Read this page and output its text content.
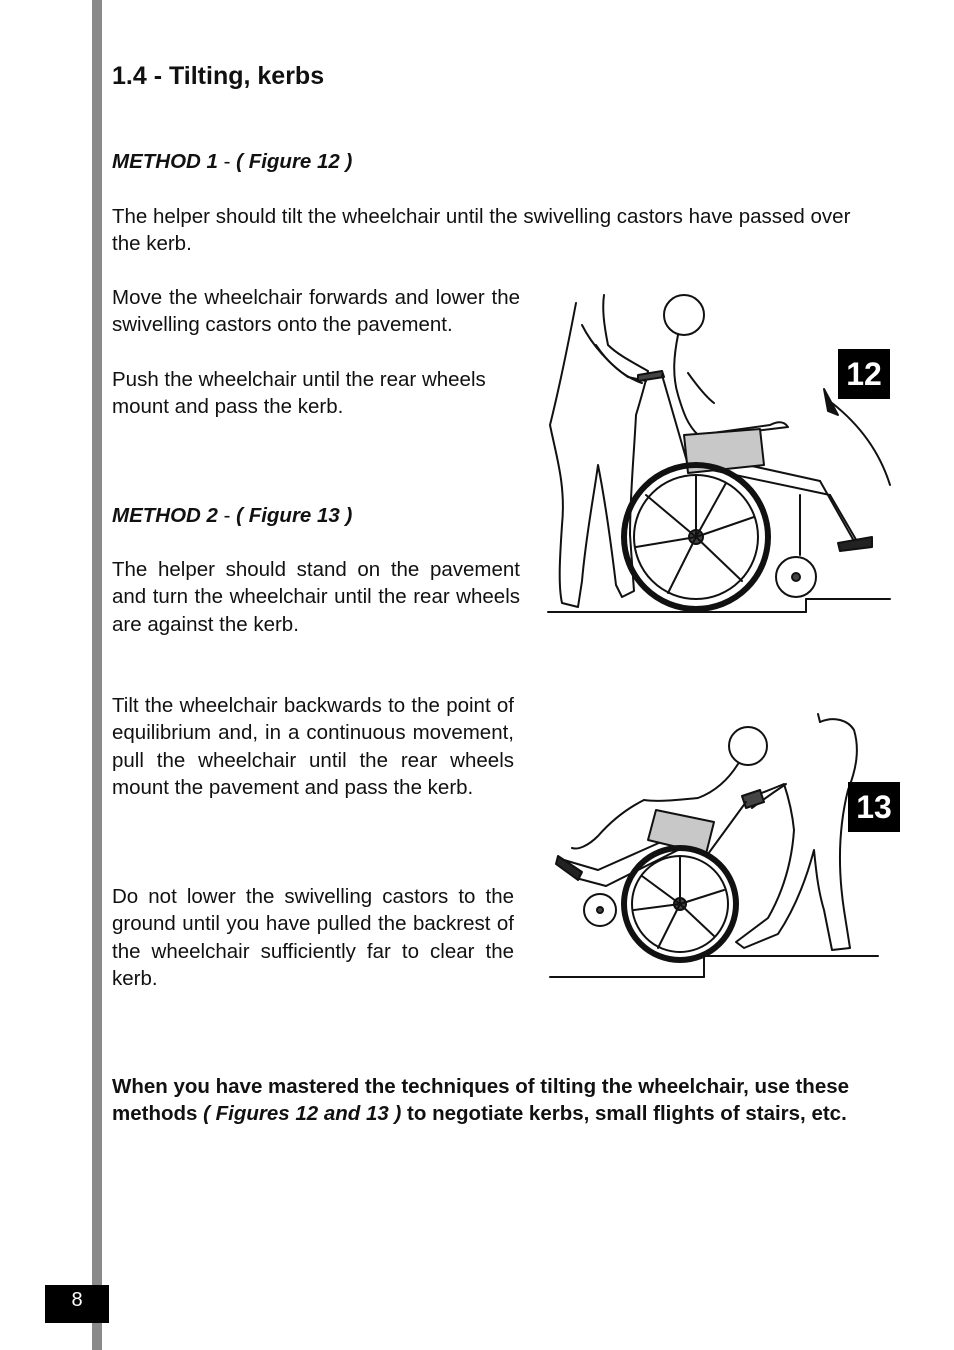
1.4 - Tilting, kerbs

METHOD 1 - ( Figure 12 )

The helper should tilt the wheelchair until the swivelling castors have passed over the kerb.

Move the wheelchair forwards and lower the swivelling castors onto the pavement.

Push the wheelchair until the rear wheels mount and pass the kerb.

METHOD 2 - ( Figure 13 )

The helper should stand on the pavement and turn the wheelchair until the rear wheels are against the kerb.

Tilt the wheelchair backwards to the point of equilibrium and, in a continuous movement, pull the wheelchair until the rear wheels mount the pavement and pass the kerb.

Do not lower the swivelling castors to the ground until you have pulled the backrest of the wheelchair sufficiently far to clear the kerb.

12
13

When you have mastered the techniques of tilting the wheelchair, use these methods ( Figures 12 and 13 ) to negotiate kerbs, small flights of stairs, etc.

8
